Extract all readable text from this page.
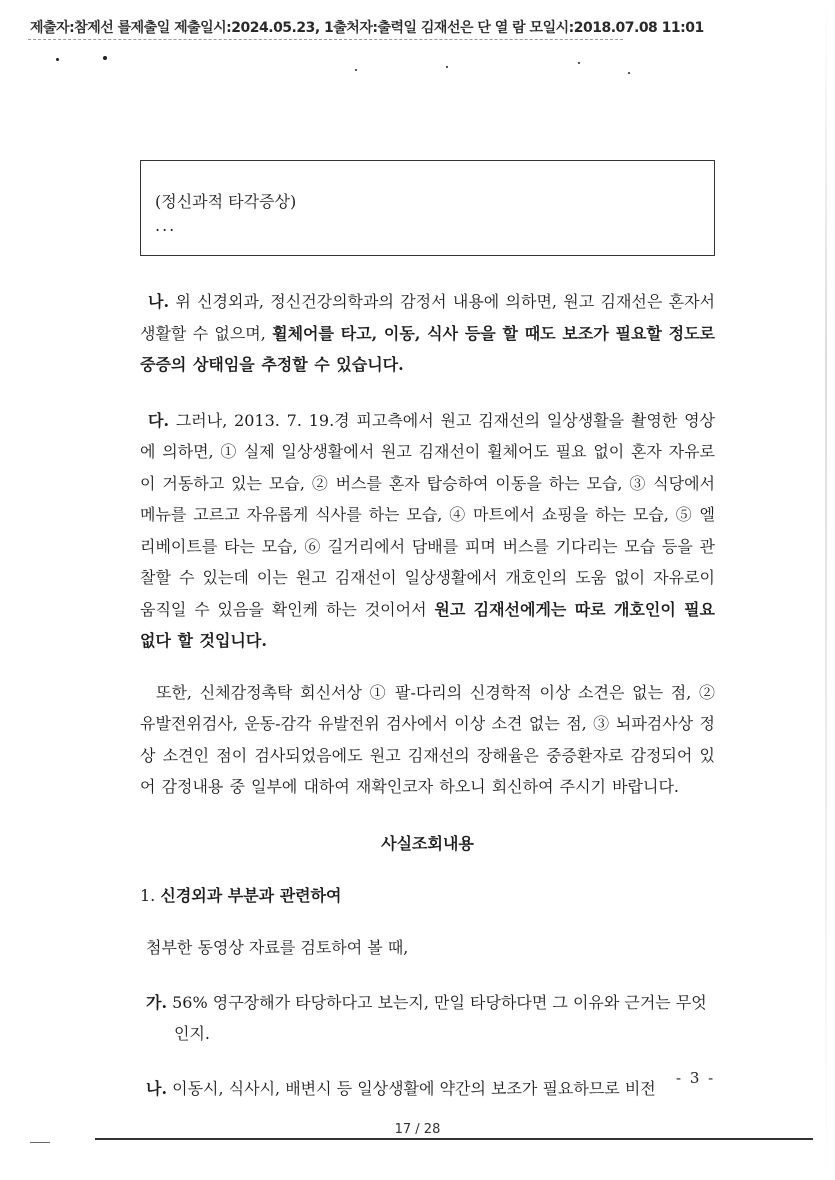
제출자:참제선 를제출일 제출일시:2024.05.23, 1출처자:출력일 김재선은 단 열 람 모일시:2018.07.08 11:01
(정신과적 타각증상)
...

나. 위 신경외과, 정신건강의학과의 감정서 내용에 의하면, 원고 김재선은 혼자서 생활할 수 없으며, 휠체어를 타고, 이동, 식사 등을 할 때도 보조가 필요할 정도로 중증의 상태임을 추정할 수 있습니다.

다. 그러나, 2013. 7. 19.경 피고측에서 원고 김재선의 일상생활을 촬영한 영상에 의하면, ① 실제 일상생활에서 원고 김재선이 휠체어도 필요 없이 혼자 자유로이 거동하고 있는 모습, ② 버스를 혼자 탑승하여 이동을 하는 모습, ③ 식당에서 메뉴를 고르고 자유롭게 식사를 하는 모습, ④ 마트에서 쇼핑을 하는 모습, ⑤ 엘리베이트를 타는 모습, ⑥ 길거리에서 담배를 피며 버스를 기다리는 모습 등을 관찰할 수 있는데 이는 원고 김재선이 일상생활에서 개호인의 도움 없이 자유로이 움직일 수 있음을 확인케 하는 것이어서 원고 김재선에게는 따로 개호인이 필요 없다 할 것입니다.

또한, 신체감정촉탁 회신서상 ① 팔-다리의 신경학적 이상 소견은 없는 점, ② 유발전위검사, 운동-감각 유발전위 검사에서 이상 소견 없는 점, ③ 뇌파검사상 정상 소견인 점이 검사되었음에도 원고 김재선의 장해율은 중증환자로 감정되어 있어 감정내용 중 일부에 대하여 재확인코자 하오니 회신하여 주시기 바랍니다.

사실조회내용
1. 신경외과 부분과 관련하여
첨부한 동영상 자료를 검토하여 볼 때,
가. 56% 영구장해가 타당하다고 보는지, 만일 타당하다면 그 이유와 근거는 무엇인지.
나. 이동시, 식사시, 배변시 등 일상생활에 약간의 보조가 필요하므로 비전
- 3 -
17 / 28
